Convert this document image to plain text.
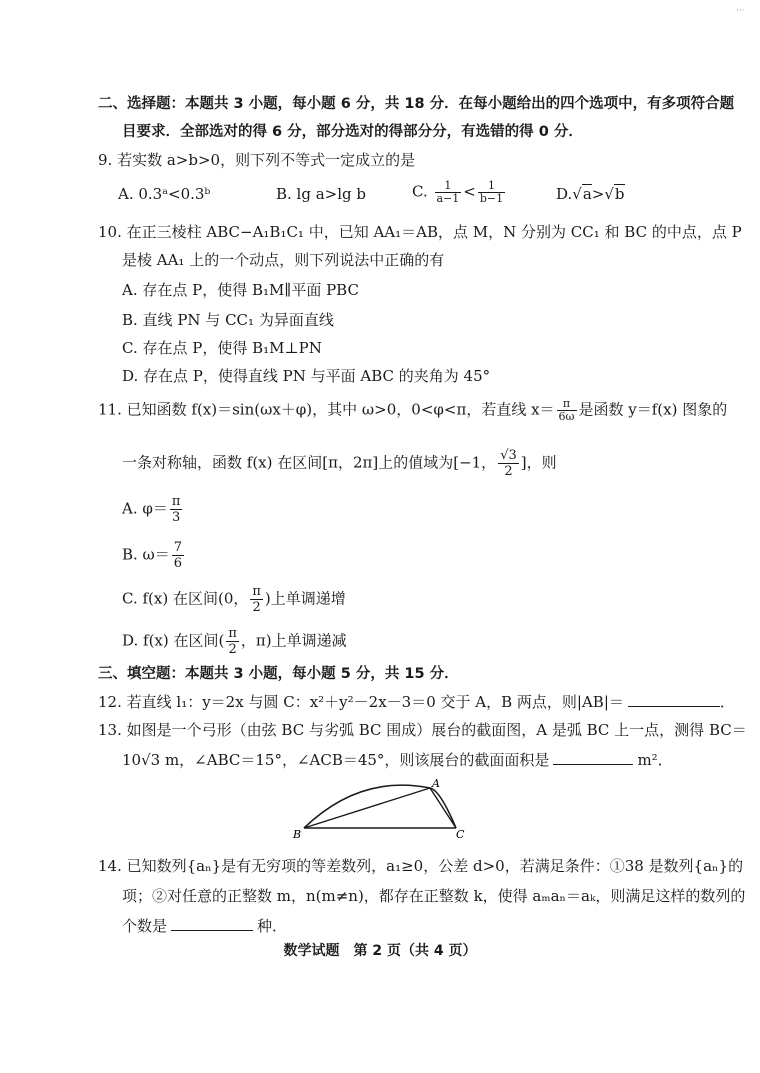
···
二、选择题：本题共 3 小题，每小题 6 分，共 18 分．在每小题给出的四个选项中，有多项符合题
目要求．全部选对的得 6 分，部分选对的得部分分，有选错的得 0 分．
9. 若实数 a>b>0，则下列不等式一定成立的是
A. 0.3ᵃ<0.3ᵇ	B. lg a>lg b	C. $\frac{1}{a-1} < \frac{1}{b-1}$	D.√a>√b
10. 在正三棱柱 ABC−A₁B₁C₁ 中，已知 AA₁＝AB，点 M，N 分别为 CC₁ 和 BC 的中点，点 P
是棱 AA₁ 上的一个动点，则下列说法中正确的有
A. 存在点 P，使得 B₁M∥平面 PBC
B. 直线 PN 与 CC₁ 为异面直线
C. 存在点 P，使得 B₁M⊥PN
D. 存在点 P，使得直线 PN 与平面 ABC 的夹角为 45°
11. 已知函数 f(x)＝sin(ωx＋φ)，其中 ω>0，0<φ<π，若直线 $x= \frac{\pi}{6\omega}$ 是函数 y＝f(x) 图象的
一条对称轴，函数 f(x) 在区间[π，2π]上的值域为[−1， $\frac{√3}{2}$ ]，则
A. $\varphi= \frac{\pi}{3}$
B. $\omega= \frac{7}{6}$
C. f(x) 在区间(0， $\frac{\pi}{2}$ )上单调递增
D. f(x) 在区间( $\frac{\pi}{2}$ ，π)上单调递减
三、填空题：本题共 3 小题，每小题 5 分，共 15 分．
12. 若直线 l₁：y＝2x 与圆 C：x²＋y²－2x－3＝0 交于 A，B 两点，则|AB|＝	．
13. 如图是一个弓形（由弦 BC 与劣弧 BC 围成）展台的截面图，A 是弧 BC 上一点，测得 BC＝
10√3 m，∠ABC＝15°，∠ACB＝45°，则该展台的截面面积是	m²．
A
B	C
14. 已知数列{aₙ}是有无穷项的等差数列，a₁≥0，公差 d>0，若满足条件：①38 是数列{aₙ}的
项；②对任意的正整数 m，n(m≠n)，都存在正整数 k，使得 aₘaₙ＝aₖ，则满足这样的数列的
个数是	种．
数学试题　第 2 页（共 4 页）
